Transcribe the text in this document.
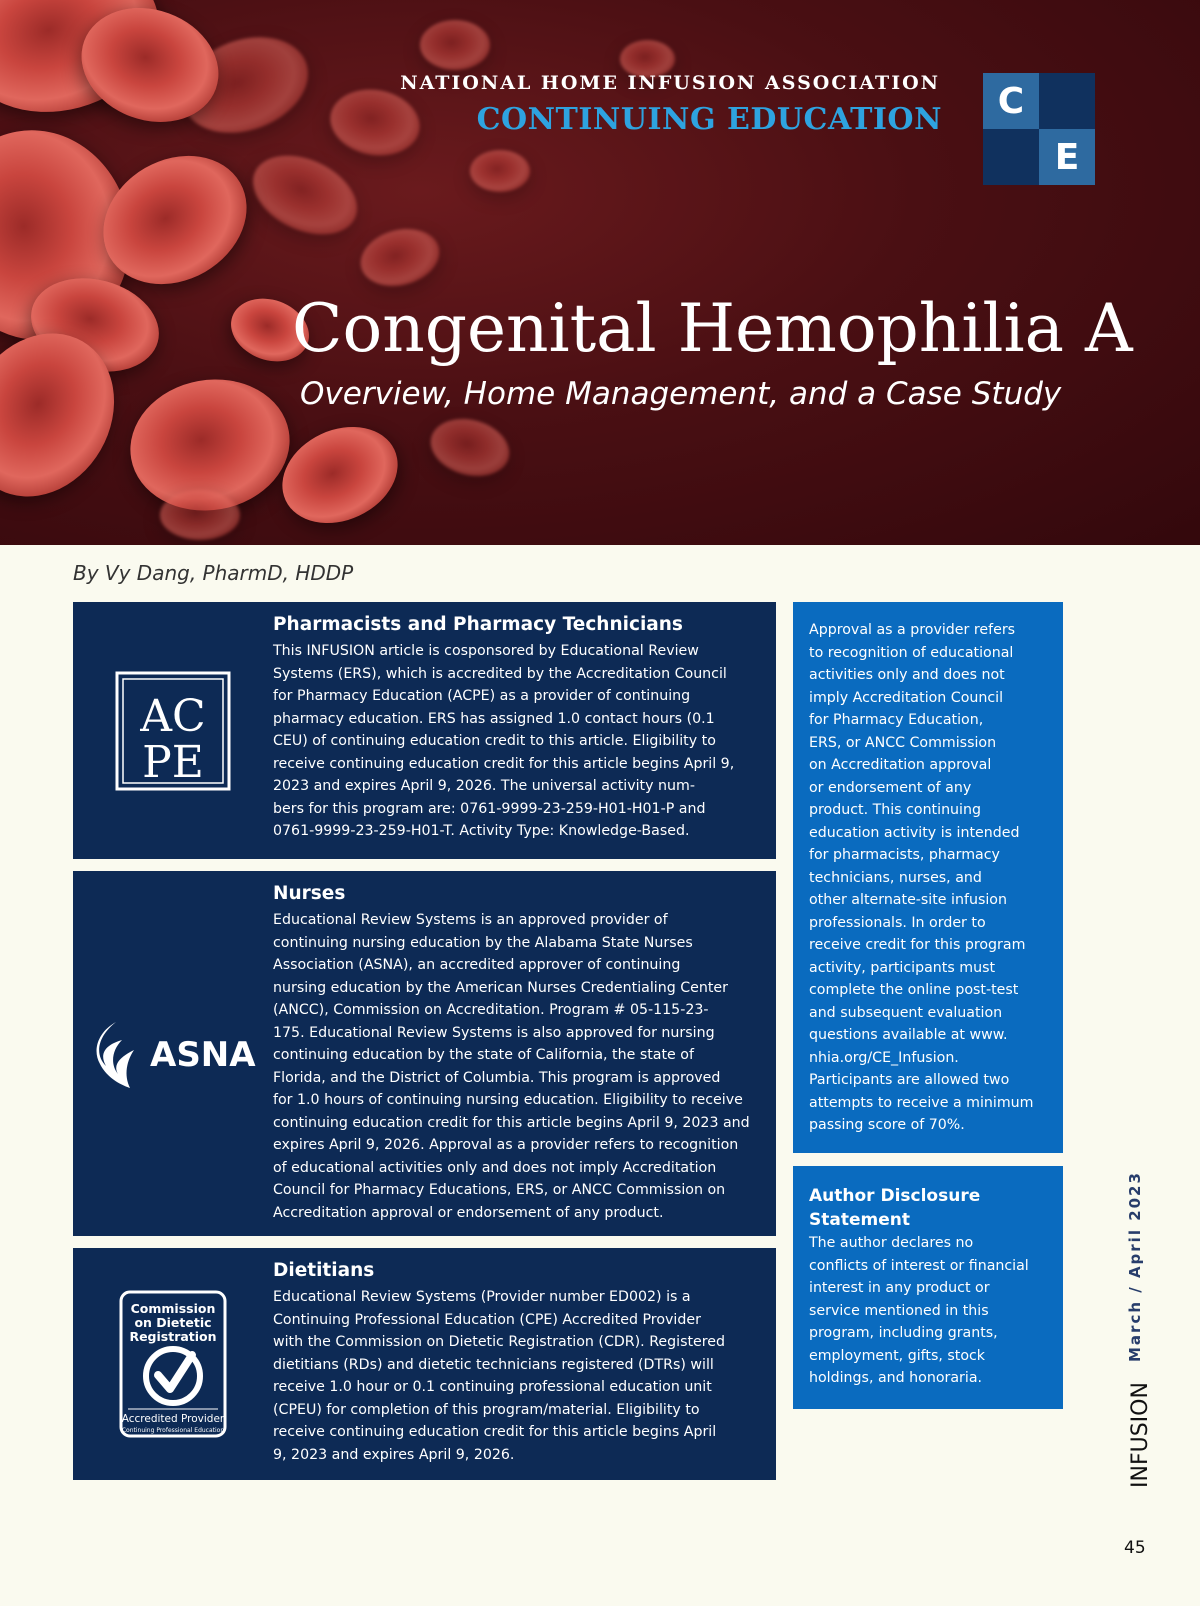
NATIONAL HOME INFUSION ASSOCIATION
CONTINUING EDUCATION	C
E
Congenital Hemophilia A
Overview, Home Management, and a Case Study
By Vy Dang, PharmD, HDDP
AC
PE
Pharmacists and Pharmacy Technicians

This INFUSION article is cosponsored by Educational Review
Systems (ERS), which is accredited by the Accreditation Council
for Pharmacy Education (ACPE) as a provider of continuing
pharmacy education. ERS has assigned 1.0 contact hours (0.1
CEU) of continuing education credit to this article. Eligibility to
receive continuing education credit for this article begins April 9,
2023 and expires April 9, 2026. The universal activity num-
bers for this program are: 0761-9999-23-259-H01-H01-P and
0761-9999-23-259-H01-T. Activity Type: Knowledge-Based.

ASNA
Nurses

Educational Review Systems is an approved provider of
continuing nursing education by the Alabama State Nurses
Association (ASNA), an accredited approver of continuing
nursing education by the American Nurses Credentialing Center
(ANCC), Commission on Accreditation. Program # 05-115-23-
175. Educational Review Systems is also approved for nursing
continuing education by the state of California, the state of
Florida, and the District of Columbia. This program is approved
for 1.0 hours of continuing nursing education. Eligibility to receive
continuing education credit for this article begins April 9, 2023 and
expires April 9, 2026. Approval as a provider refers to recognition
of educational activities only and does not imply Accreditation
Council for Pharmacy Educations, ERS, or ANCC Commission on
Accreditation approval or endorsement of any product.

Commission
on Dietetic
Registration
Accredited Provider
Continuing Professional Education
Dietitians

Educational Review Systems (Provider number ED002) is a
Continuing Professional Education (CPE) Accredited Provider
with the Commission on Dietetic Registration (CDR). Registered
dietitians (RDs) and dietetic technicians registered (DTRs) will
receive 1.0 hour or 0.1 continuing professional education unit
(CPEU) for completion of this program/material. Eligibility to
receive continuing education credit for this article begins April
9, 2023 and expires April 9, 2026.

Approval as a provider refers
to recognition of educational
activities only and does not
imply Accreditation Council
for Pharmacy Education,
ERS, or ANCC Commission
on Accreditation approval
or endorsement of any
product. This continuing
education activity is intended
for pharmacists, pharmacy
technicians, nurses, and
other alternate-site infusion
professionals. In order to
receive credit for this program
activity, participants must
complete the online post-test
and subsequent evaluation
questions available at www.
nhia.org/CE_Infusion.
Participants are allowed two
attempts to receive a minimum
passing score of 70%.

Author Disclosure
Statement

The author declares no
conflicts of interest or financial
interest in any product or
service mentioned in this
program, including grants,
employment, gifts, stock
holdings, and honoraria.

March / April 2023
INFUSION
45
